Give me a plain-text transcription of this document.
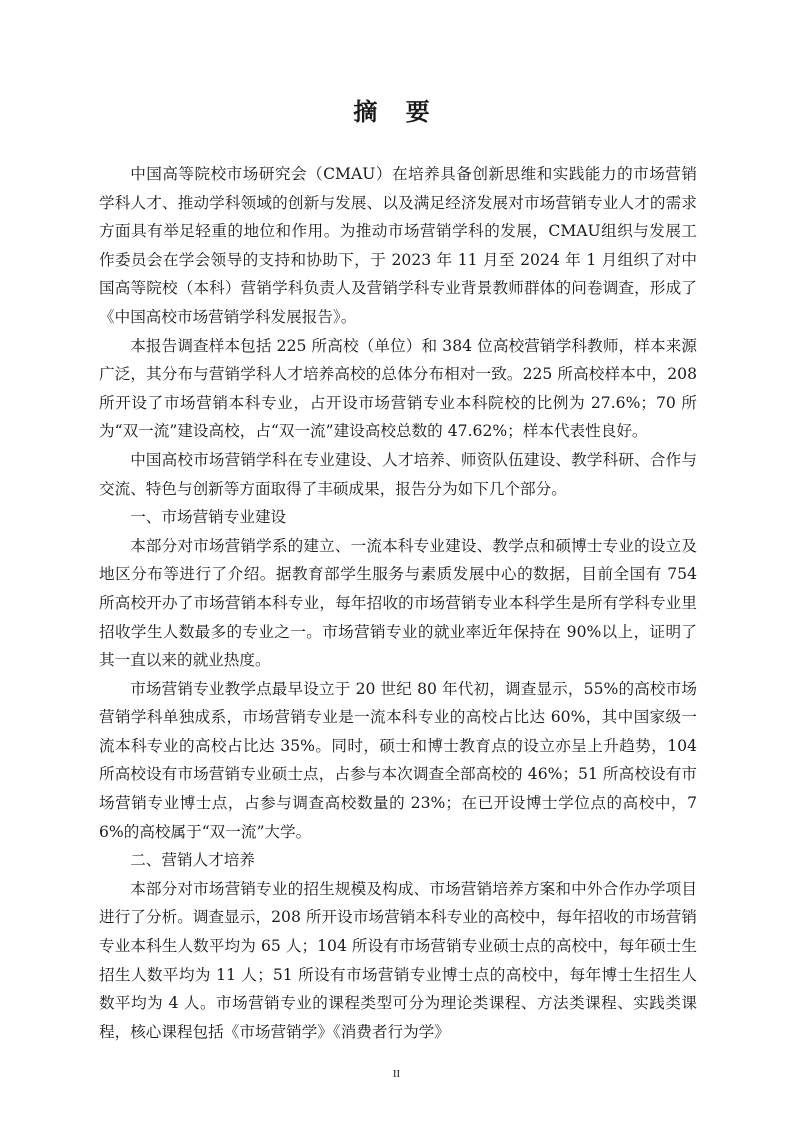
摘 要

中国高等院校市场研究会（CMAU）在培养具备创新思维和实践能力的市场营销学科人才、推动学科领域的创新与发展、以及满足经济发展对市场营销专业人才的需求方面具有举足轻重的地位和作用。为推动市场营销学科的发展，CMAU组织与发展工作委员会在学会领导的支持和协助下，于 2023 年 11 月至 2024 年 1 月组织了对中国高等院校（本科）营销学科负责人及营销学科专业背景教师群体的问卷调查，形成了《中国高校市场营销学科发展报告》。

本报告调查样本包括 225 所高校（单位）和 384 位高校营销学科教师，样本来源广泛，其分布与营销学科人才培养高校的总体分布相对一致。225 所高校样本中，208 所开设了市场营销本科专业，占开设市场营销专业本科院校的比例为 27.6%；70 所为“双一流”建设高校，占“双一流”建设高校总数的 47.62%；样本代表性良好。

中国高校市场营销学科在专业建设、人才培养、师资队伍建设、教学科研、合作与交流、特色与创新等方面取得了丰硕成果，报告分为如下几个部分。

一、市场营销专业建设

本部分对市场营销学系的建立、一流本科专业建设、教学点和硕博士专业的设立及地区分布等进行了介绍。据教育部学生服务与素质发展中心的数据，目前全国有 754 所高校开办了市场营销本科专业，每年招收的市场营销专业本科学生是所有学科专业里招收学生人数最多的专业之一。市场营销专业的就业率近年保持在 90%以上，证明了其一直以来的就业热度。

市场营销专业教学点最早设立于 20 世纪 80 年代初，调查显示，55%的高校市场营销学科单独成系，市场营销专业是一流本科专业的高校占比达 60%，其中国家级一流本科专业的高校占比达 35%。同时，硕士和博士教育点的设立亦呈上升趋势，104 所高校设有市场营销专业硕士点，占参与本次调查全部高校的 46%；51 所高校设有市场营销专业博士点，占参与调查高校数量的 23%；在已开设博士学位点的高校中，76%的高校属于“双一流”大学。

二、营销人才培养

本部分对市场营销专业的招生规模及构成、市场营销培养方案和中外合作办学项目进行了分析。调查显示，208 所开设市场营销本科专业的高校中，每年招收的市场营销专业本科生人数平均为 65 人；104 所设有市场营销专业硕士点的高校中，每年硕士生招生人数平均为 11 人；51 所设有市场营销专业博士点的高校中，每年博士生招生人数平均为 4 人。市场营销专业的课程类型可分为理论类课程、方法类课程、实践类课程，核心课程包括《市场营销学》《消费者行为学》

II
